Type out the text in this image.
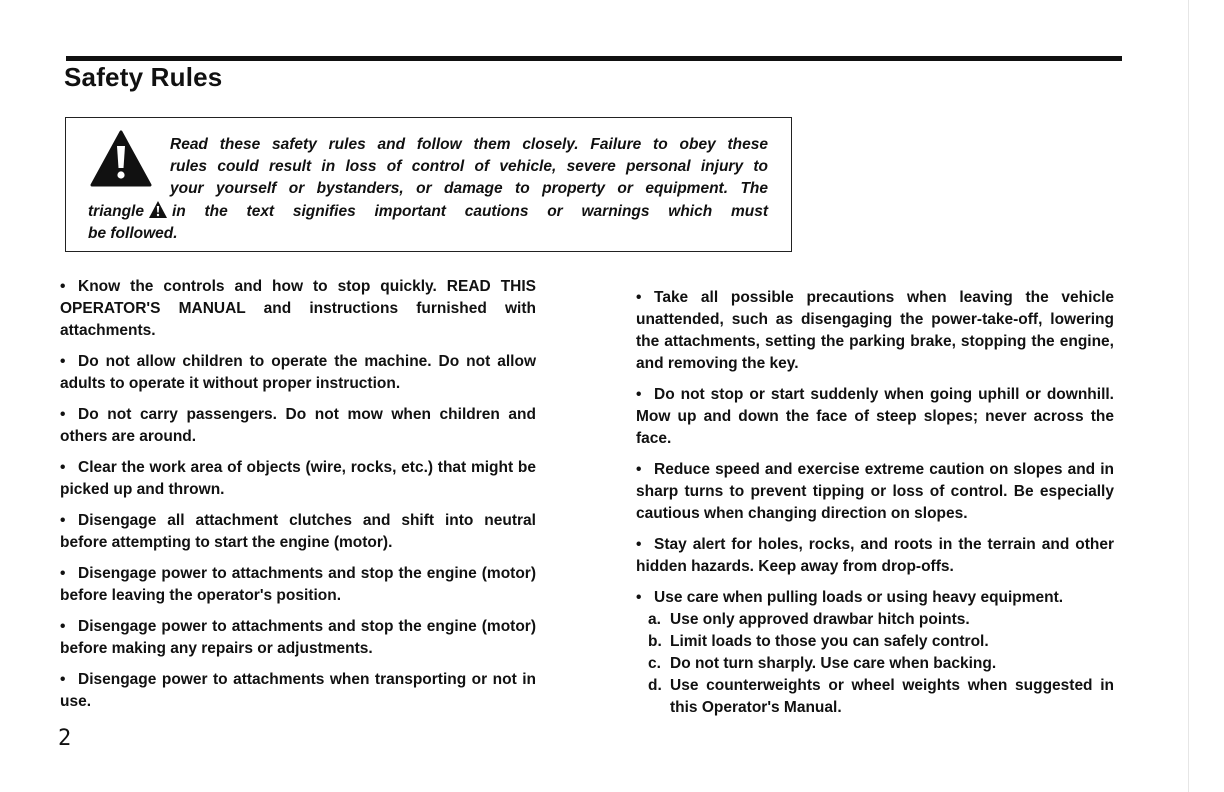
Safety Rules
Read these safety rules and follow them closely. Failure to obey these
rules could result in loss of control of vehicle, severe personal injury to
your yourself or bystanders, or damage to property or equipment. The
triangle in the text signifies important cautions or warnings which must
be followed.

• Know the controls and how to stop quickly. READ THIS OPERATOR'S MANUAL and instructions furnished with attachments.

• Do not allow children to operate the machine. Do not allow adults to operate it without proper instruction.

• Do not carry passengers. Do not mow when children and others are around.

• Clear the work area of objects (wire, rocks, etc.) that might be picked up and thrown.

• Disengage all attachment clutches and shift into neutral before attempting to start the engine (motor).

• Disengage power to attachments and stop the engine (motor) before leaving the operator's position.

• Disengage power to attachments and stop the engine (motor) before making any repairs or adjustments.

• Disengage power to attachments when transporting or not in use.

• Take all possible precautions when leaving the vehicle unattended, such as disengaging the power-take-off, lowering the attachments, setting the parking brake, stopping the engine, and removing the key.

• Do not stop or start suddenly when going uphill or downhill. Mow up and down the face of steep slopes; never across the face.

• Reduce speed and exercise extreme caution on slopes and in sharp turns to prevent tipping or loss of control. Be especially cautious when changing direction on slopes.

• Stay alert for holes, rocks, and roots in the terrain and other hidden hazards. Keep away from drop-offs.

• Use care when pulling loads or using heavy equipment.

a. Use only approved drawbar hitch points.
b. Limit loads to those you can safely control.
c. Do not turn sharply. Use care when backing.
d. Use counterweights or wheel weights when suggested in this Operator's Manual.
2
